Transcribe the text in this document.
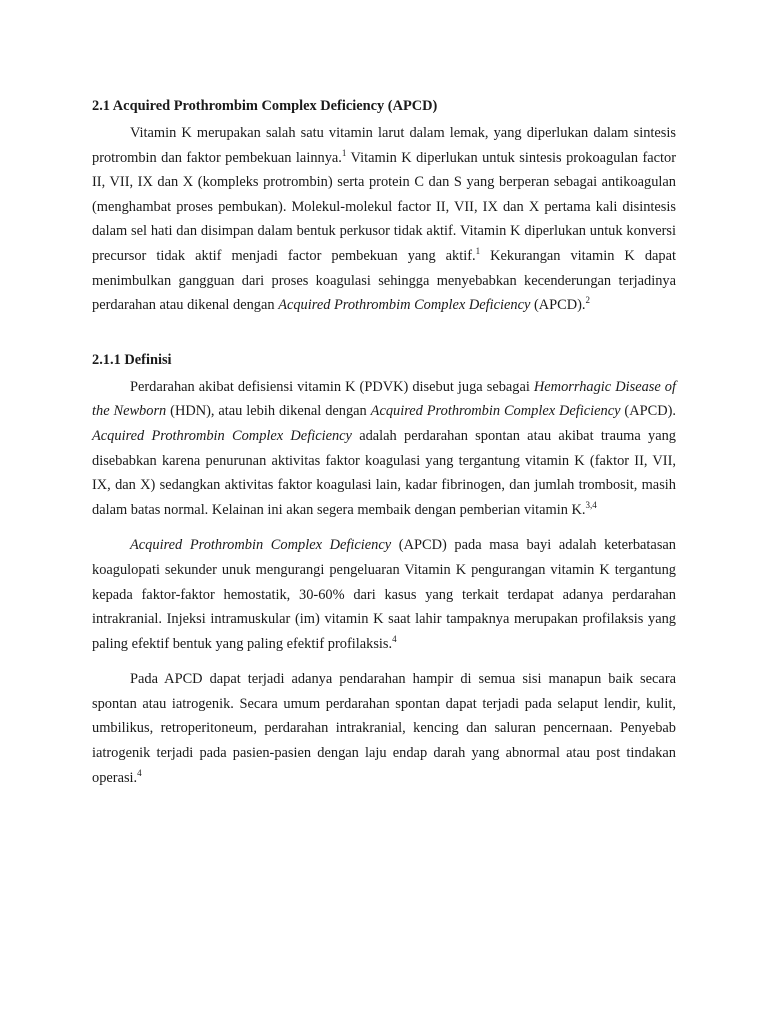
2.1 Acquired Prothrombim Complex Deficiency (APCD)

Vitamin K merupakan salah satu vitamin larut dalam lemak, yang diperlukan dalam sintesis protrombin dan faktor pembekuan lainnya.$^1$ Vitamin K diperlukan untuk sintesis prokoagulan factor II, VII, IX dan X (kompleks protrombin) serta protein C dan S yang berperan sebagai antikoagulan (menghambat proses pembukan). Molekul-molekul factor II, VII, IX dan X pertama kali disintesis dalam sel hati dan disimpan dalam bentuk perkusor tidak aktif. Vitamin K diperlukan untuk konversi precursor tidak aktif menjadi factor pembekuan yang aktif.$^1$ Kekurangan vitamin K dapat menimbulkan gangguan dari proses koagulasi sehingga menyebabkan kecenderungan terjadinya perdarahan atau dikenal dengan Acquired Prothrombim Complex Deficiency (APCD).$^2$

2.1.1 Definisi

Perdarahan akibat defisiensi vitamin K (PDVK) disebut juga sebagai Hemorrhagic Disease of the Newborn (HDN), atau lebih dikenal dengan Acquired Prothrombin Complex Deficiency (APCD). Acquired Prothrombin Complex Deficiency adalah perdarahan spontan atau akibat trauma yang disebabkan karena penurunan aktivitas faktor koagulasi yang tergantung vitamin K (faktor II, VII, IX, dan X) sedangkan aktivitas faktor koagulasi lain, kadar fibrinogen, dan jumlah trombosit, masih dalam batas normal. Kelainan ini akan segera membaik dengan pemberian vitamin K.$^{3,4}$

Acquired Prothrombin Complex Deficiency (APCD) pada masa bayi adalah keterbatasan koagulopati sekunder unuk mengurangi pengeluaran Vitamin K pengurangan vitamin K tergantung kepada faktor-faktor hemostatik, 30-60% dari kasus yang terkait terdapat adanya perdarahan intrakranial. Injeksi intramuskular (im) vitamin K saat lahir tampaknya merupakan profilaksis yang paling efektif bentuk yang paling efektif profilaksis.$^4$

Pada APCD dapat terjadi adanya pendarahan hampir di semua sisi manapun baik secara spontan atau iatrogenik. Secara umum perdarahan spontan dapat terjadi pada selaput lendir, kulit, umbilikus, retroperitoneum, perdarahan intrakranial, kencing dan saluran pencernaan. Penyebab iatrogenik terjadi pada pasien-pasien dengan laju endap darah yang abnormal atau post tindakan operasi.$^4$
